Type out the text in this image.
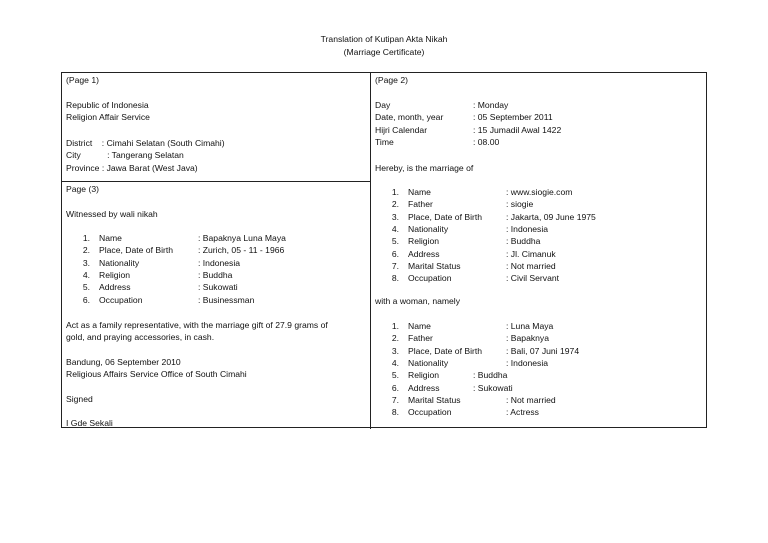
Translation of Kutipan Akta Nikah
(Marriage Certificate)
(Page 1)
Republic of Indonesia
Religion Affair Service
District    : Cimahi Selatan (South Cimahi)
City           : Tangerang Selatan
Province : Jawa Barat (West Java)
Page (3)
Witnessed by wali nikah
1. Name	: Bapaknya Luna Maya
2. Place, Date of Birth	: Zurich, 05 - 11 - 1966
3. Nationality	: Indonesia
4. Religion	: Buddha
5. Address	: Sukowati
6. Occupation	: Businessman
Act as a family representative, with the marriage gift of 27.9 grams of
gold, and praying accessories, in cash.
Bandung, 06 September 2010
Religious Affairs Service Office of South Cimahi
Signed
I Gde Sekali
(Page 2)
Day	: Monday
Date, month, year	: 05 September 2011
Hijri Calendar	: 15 Jumadil Awal 1422
Time	: 08.00
Hereby, is the marriage of
1. Name	: www.siogie.com
2. Father	: siogie
3. Place, Date of Birth	: Jakarta, 09 June 1975
4. Nationality	: Indonesia
5. Religion	: Buddha
6. Address	: Jl. Cimanuk
7. Marital Status	: Not married
8. Occupation	: Civil Servant
with a woman, namely
1. Name	: Luna Maya
2. Father	: Bapaknya
3. Place, Date of Birth	: Bali, 07 Juni 1974
4. Nationality	: Indonesia
5. Religion	: Buddha
6. Address	: Sukowati
7. Marital Status	: Not married
8. Occupation	: Actress
